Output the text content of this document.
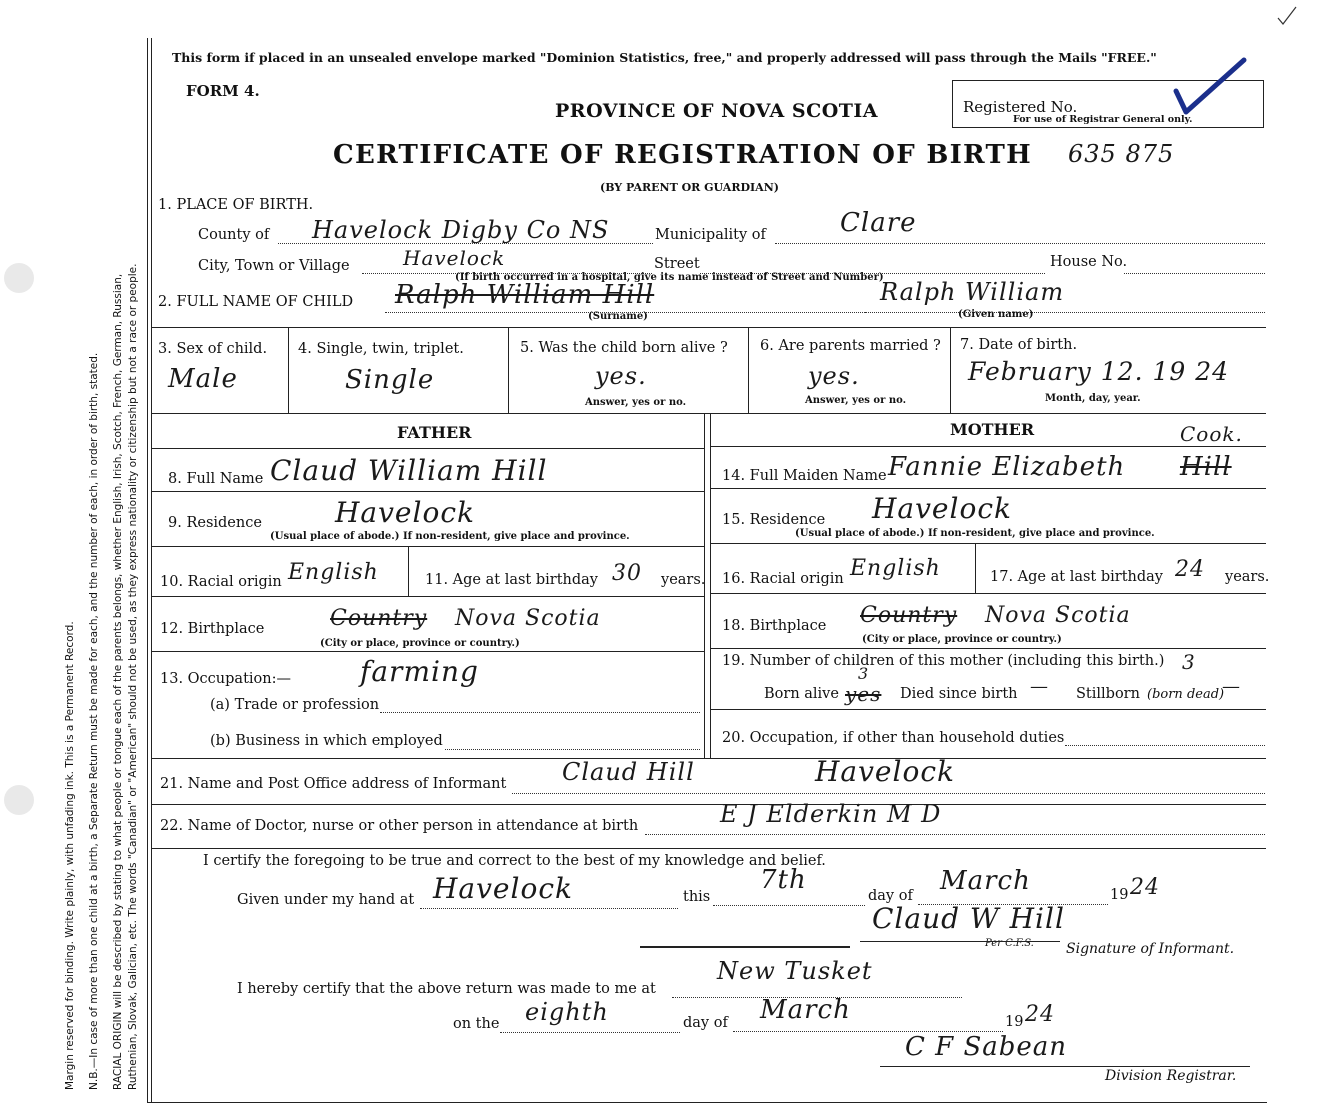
Margin reserved for binding. Write plainly, with unfading ink. This is a Permanent Record. N.B.—In case of more than one child at a birth, a Separate Return must be made for each, and the number of each, in order of birth, stated. RACIAL ORIGIN will be described by stating to what people or tongue each of the parents belongs, whether English, Irish, Scotch, French, German, Russian, Ruthenian, Slovak, Galician, etc. The words "Canadian" or "American" should not be used, as they express nationality or citizenship but not a race or people.
This form if placed in an unsealed envelope marked "Dominion Statistics, free," and properly addressed will pass through the Mails "FREE."
FORM 4.
PROVINCE OF NOVA SCOTIA	Registered No.
For use of Registrar General only.
CERTIFICATE OF REGISTRATION OF BIRTH 635 875
(BY PARENT OR GUARDIAN)
1. PLACE OF BIRTH.
County of Havelock Digby Co NS	Municipality of	Clare
City, Town or Village	Havelock	Street	House No.
(If birth occurred in a hospital, give its name instead of Street and Number)
2. FULL NAME OF CHILD Ralph William Hill
(Surname)
Ralph William
(Given name)
3. Sex of child.
Male
4. Single, twin, triplet.
Single
5. Was the child born alive ?
yes.
Answer, yes or no.
6. Are parents married ?
yes.
Answer, yes or no.
7. Date of birth.
February 12. 19 24
Month, day, year.
FATHER	MOTHER
8. Full Name Claud William Hill
9. Residence	Havelock
(Usual place of abode.) If non-resident, give place and province.
10. Racial origin English	11. Age at last birthday 30 years.
12. Birthplace	Country Nova Scotia
(City or place, province or country.)
13. Occupation:— farming
(a) Trade or profession
(b) Business in which employed
14. Full Maiden Name Fannie Elizabeth Hill
Cook.
15. Residence Havelock
(Usual place of abode.) If non-resident, give place and province.
16. Racial origin English	17. Age at last birthday 24 years.
18. Birthplace Country Nova Scotia
(City or place, province or country.)
19. Number of children of this mother (including this birth.) 3
Born alive yes
3
Died since birth — Stillborn (born dead)
—
20. Occupation, if other than household duties
21. Name and Post Office address of Informant Claud Hill	Havelock
22. Name of Doctor, nurse or other person in attendance at birth	E J Elderkin M D
I certify the foregoing to be true and correct to the best of my knowledge and belief.
Given under my hand at Havelock	this
7th
day of March	19 24
Claud W Hill
Per C.F.S. Signature of Informant.
I hereby certify that the above return was made to me at
New Tusket
on the eighth	day of March	19 24
C F Sabean
Division Registrar.
